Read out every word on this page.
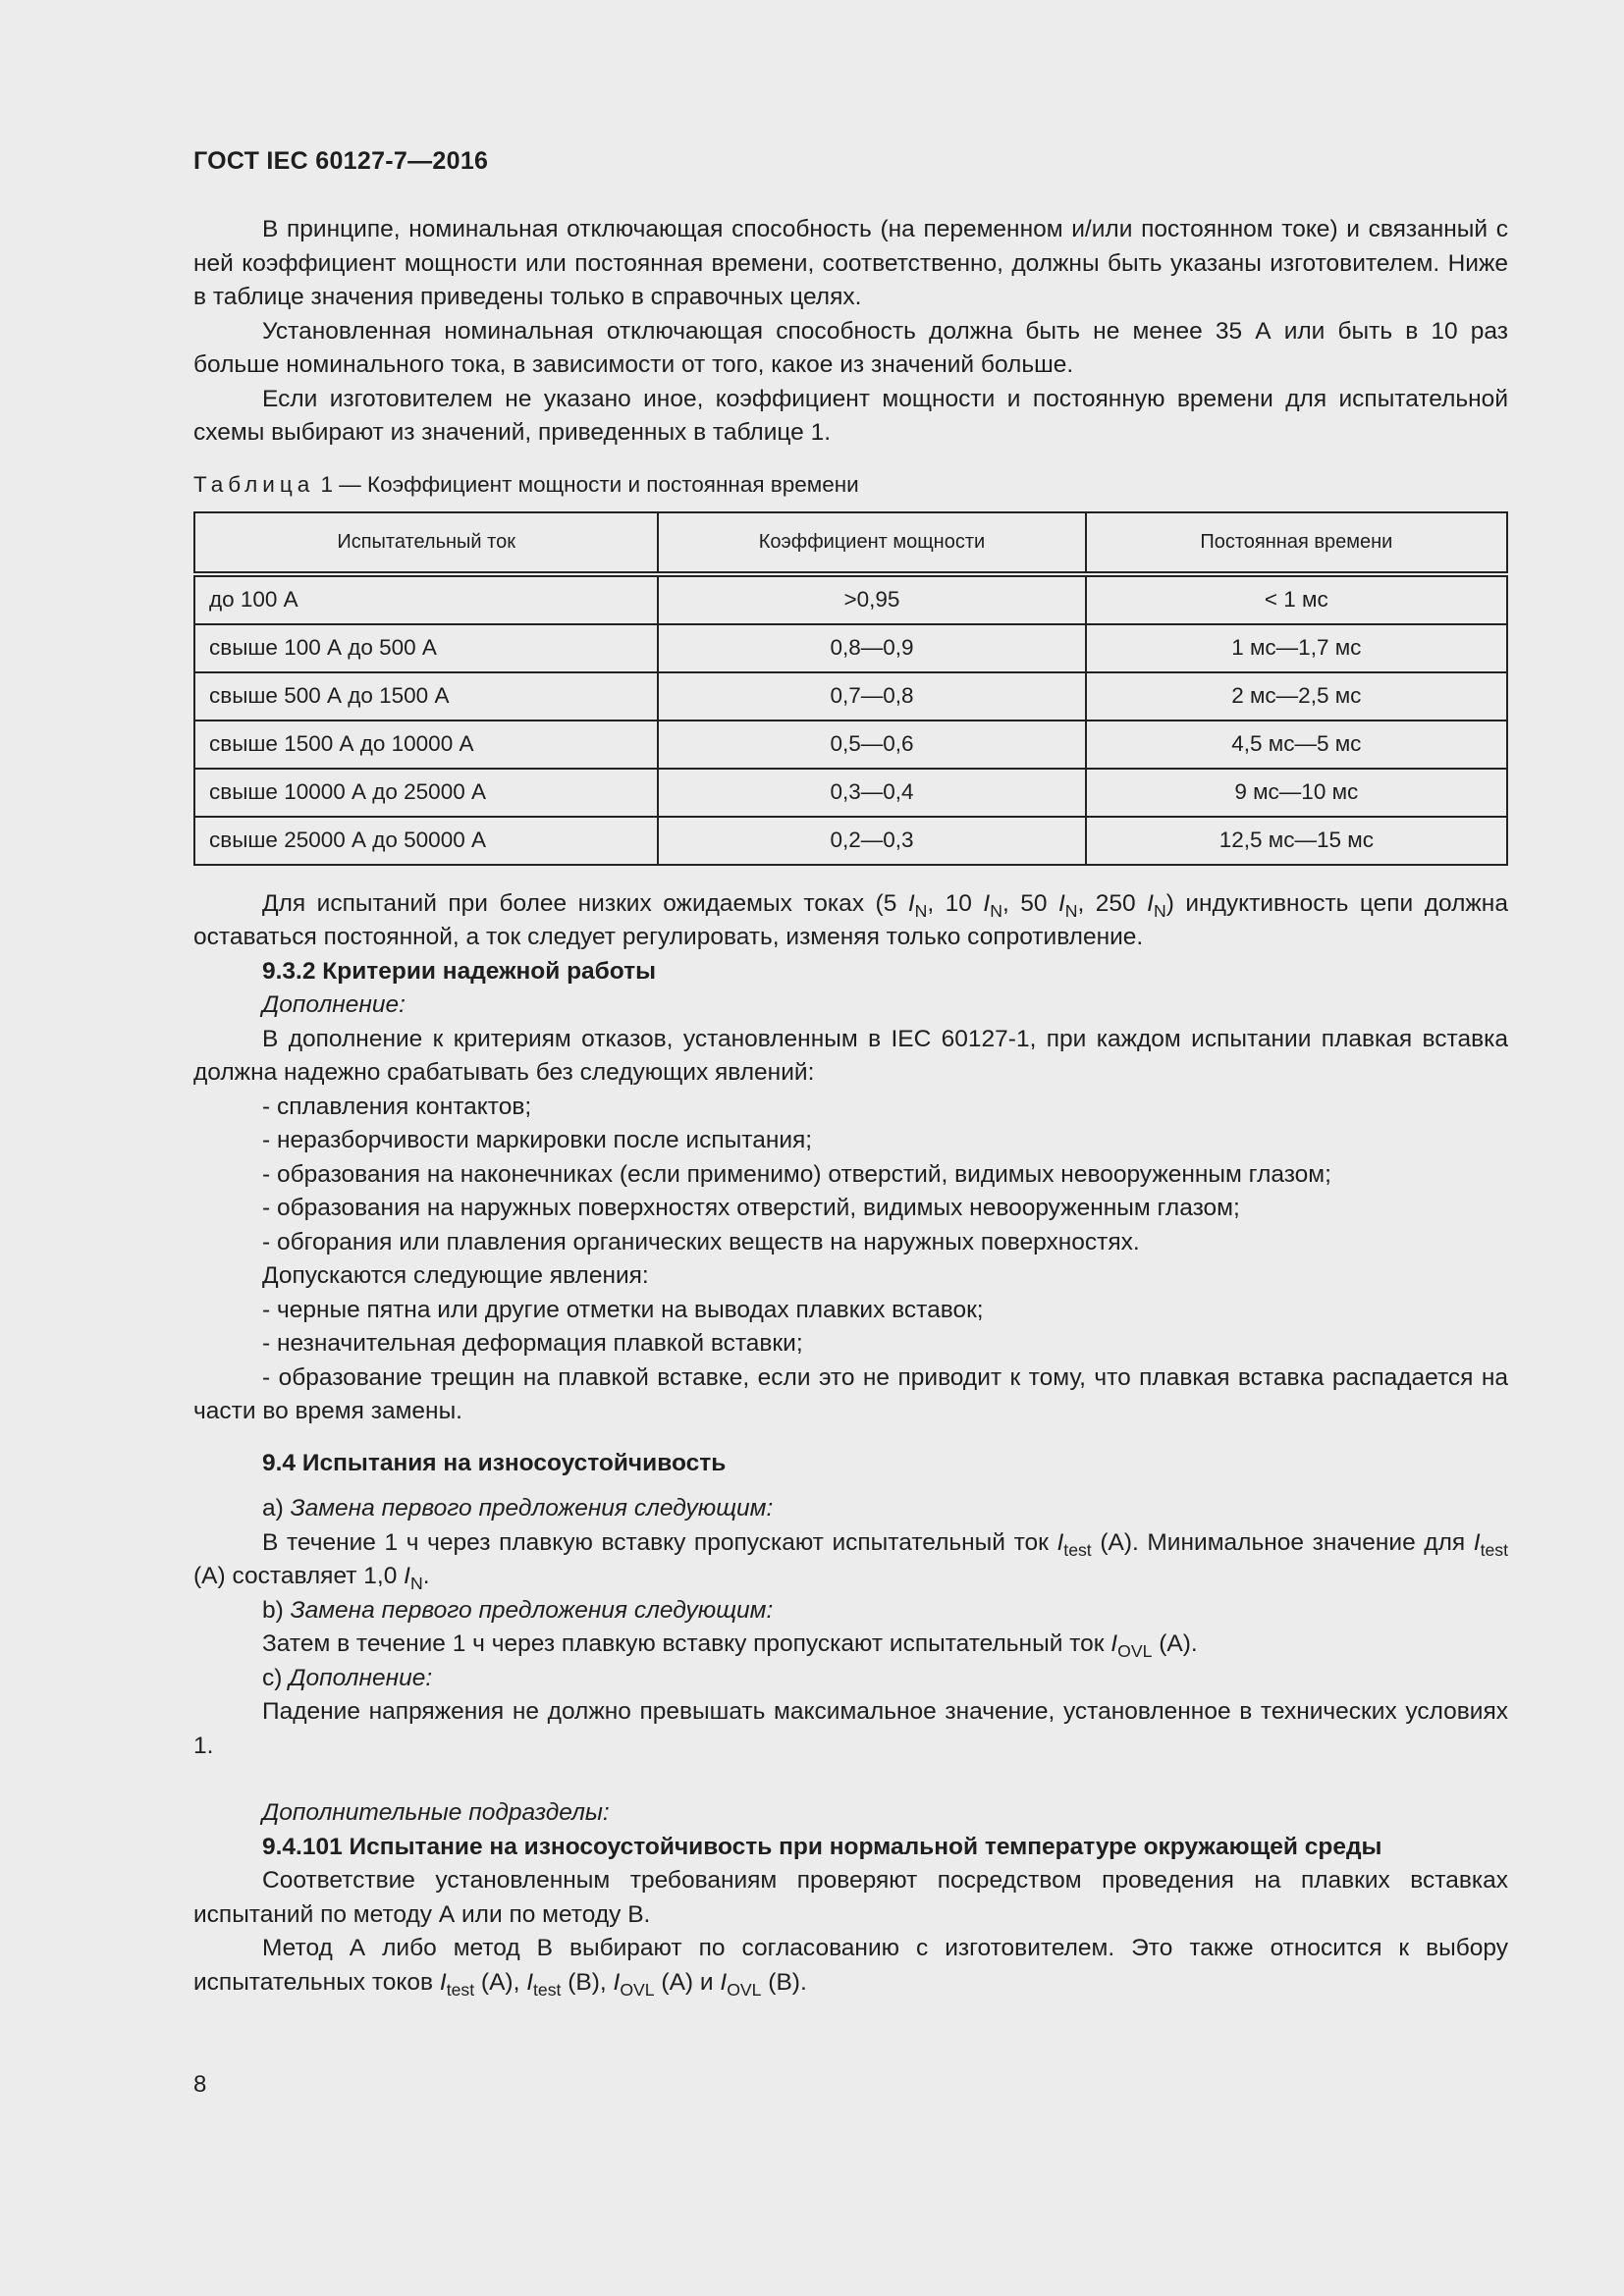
ГОСТ IEC 60127-7—2016

В принципе, номинальная отключающая способность (на переменном и/или постоянном токе) и связанный с ней коэффициент мощности или постоянная времени, соответственно, должны быть указаны изготовителем. Ниже в таблице значения приведены только в справочных целях.

Установленная номинальная отключающая способность должна быть не менее 35 А или быть в 10 раз больше номинального тока, в зависимости от того, какое из значений больше.

Если изготовителем не указано иное, коэффициент мощности и постоянную времени для испытательной схемы выбирают из значений, приведенных в таблице 1.

Таблица 1 — Коэффициент мощности и постоянная времени
Испытательный ток	Коэффициент мощности	Постоянная времени
до 100 А	>0,95	< 1 мс
свыше 100 А до 500 А	0,8—0,9	1 мс—1,7 мс
свыше 500 А до 1500 А	0,7—0,8	2 мс—2,5 мс
свыше 1500 А до 10000 А	0,5—0,6	4,5 мс—5 мс
свыше 10000 А до 25000 А	0,3—0,4	9 мс—10 мс
свыше 25000 А до 50000 А	0,2—0,3	12,5 мс—15 мс

Для испытаний при более низких ожидаемых токах (5 $I_N$, 10 $I_N$, 50 $I_N$, 250 $I_N$) индуктивность цепи должна оставаться постоянной, а ток следует регулировать, изменяя только сопротивление.

9.3.2 Критерии надежной работы

Дополнение:

В дополнение к критериям отказов, установленным в IEC 60127-1, при каждом испытании плавкая вставка должна надежно срабатывать без следующих явлений:

- сплавления контактов;

- неразборчивости маркировки после испытания;

- образования на наконечниках (если применимо) отверстий, видимых невооруженным глазом;

- образования на наружных поверхностях отверстий, видимых невооруженным глазом;

- обгорания или плавления органических веществ на наружных поверхностях.

Допускаются следующие явления:

- черные пятна или другие отметки на выводах плавких вставок;

- незначительная деформация плавкой вставки;

- образование трещин на плавкой вставке, если это не приводит к тому, что плавкая вставка распадается на части во время замены.

9.4 Испытания на износоустойчивость

а) Замена первого предложения следующим:

В течение 1 ч через плавкую вставку пропускают испытательный ток $I_{test}$ (А). Минимальное значение для $I_{test}$ (А) составляет 1,0 $I_N$.

b) Замена первого предложения следующим:

Затем в течение 1 ч через плавкую вставку пропускают испытательный ток $I_{OVL}$ (А).

с) Дополнение:

Падение напряжения не должно превышать максимальное значение, установленное в технических условиях 1.

Дополнительные подразделы:

9.4.101 Испытание на износоустойчивость при нормальной температуре окружающей среды

Соответствие установленным требованиям проверяют посредством проведения на плавких вставках испытаний по методу А или по методу В.

Метод А либо метод В выбирают по согласованию с изготовителем. Это также относится к выбору испытательных токов $I_{test}$ (А), $I_{test}$ (В), $I_{OVL}$ (А) и $I_{OVL}$ (В).

8
